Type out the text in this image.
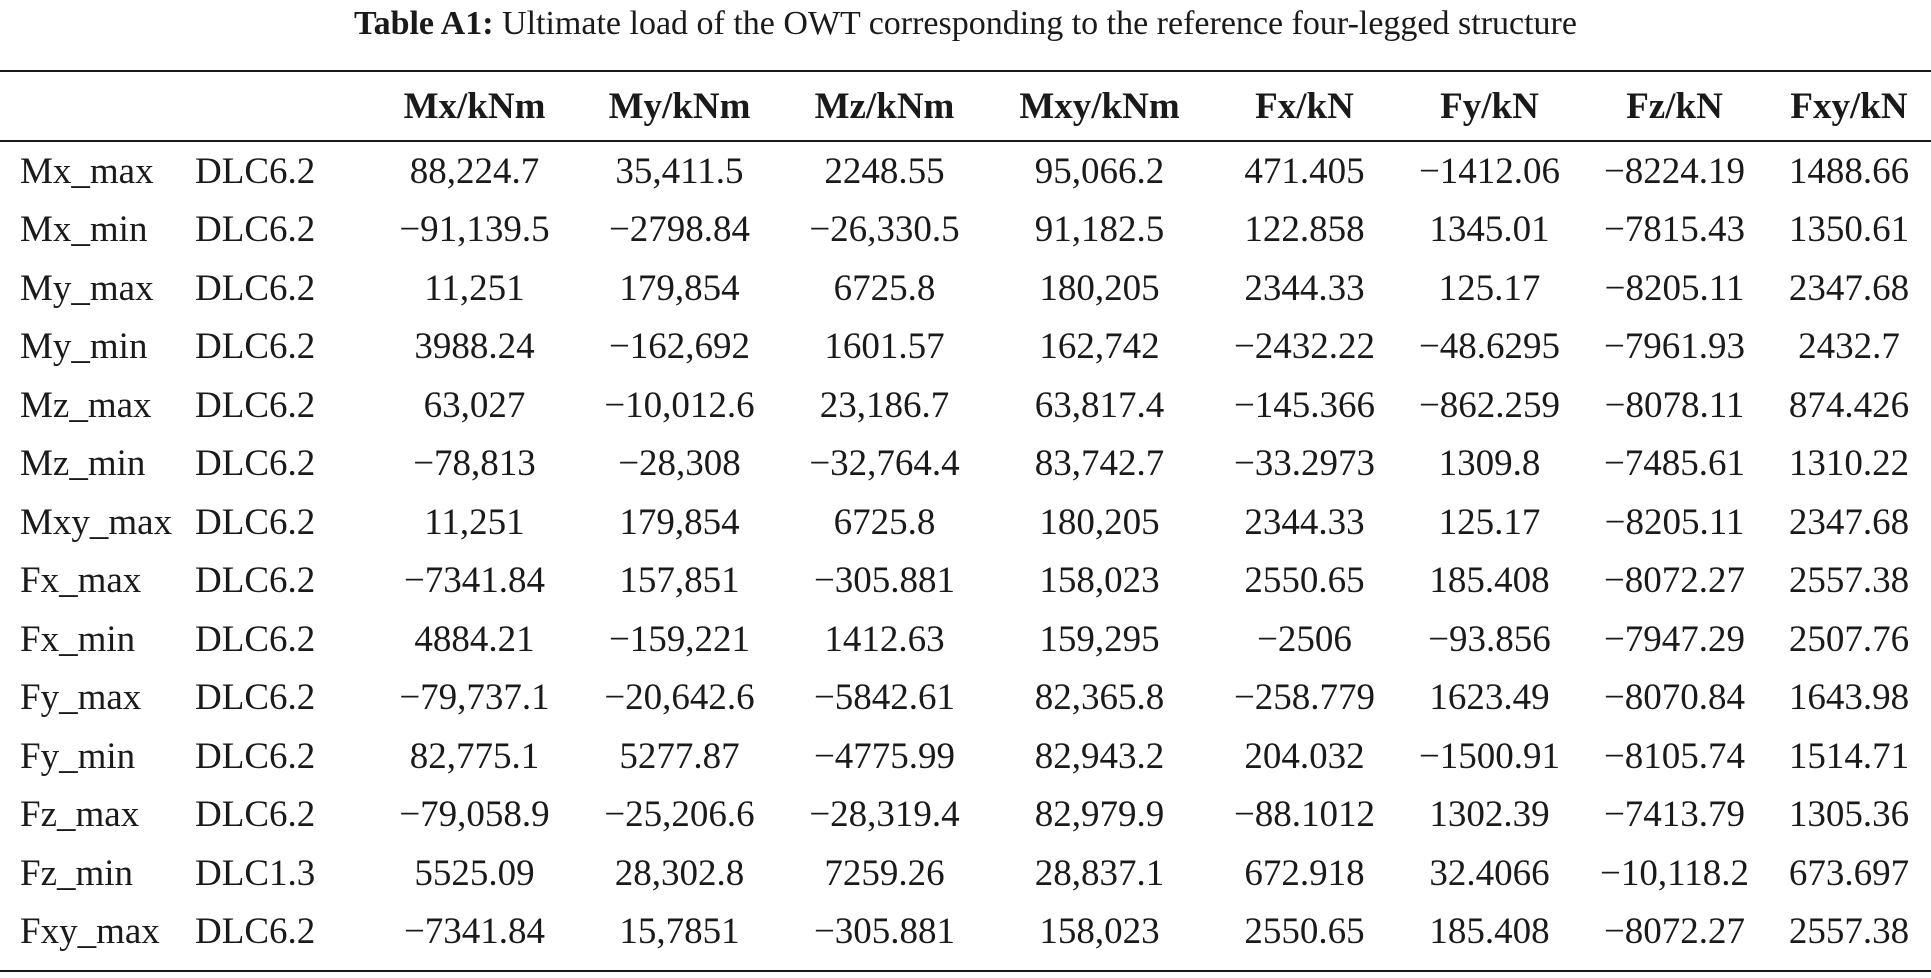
Table A1: Ultimate load of the OWT corresponding to the reference four-legged structure
		Mx/kNm	My/kNm	Mz/kNm	Mxy/kNm	Fx/kN	Fy/kN	Fz/kN	Fxy/kN
Mx_max	DLC6.2	88,224.7	35,411.5	2248.55	95,066.2	471.405	−1412.06	−8224.19	1488.66
Mx_min	DLC6.2	−91,139.5	−2798.84	−26,330.5	91,182.5	122.858	1345.01	−7815.43	1350.61
My_max	DLC6.2	11,251	179,854	6725.8	180,205	2344.33	125.17	−8205.11	2347.68
My_min	DLC6.2	3988.24	−162,692	1601.57	162,742	−2432.22	−48.6295	−7961.93	2432.7
Mz_max	DLC6.2	63,027	−10,012.6	23,186.7	63,817.4	−145.366	−862.259	−8078.11	874.426
Mz_min	DLC6.2	−78,813	−28,308	−32,764.4	83,742.7	−33.2973	1309.8	−7485.61	1310.22
Mxy_max	DLC6.2	11,251	179,854	6725.8	180,205	2344.33	125.17	−8205.11	2347.68
Fx_max	DLC6.2	−7341.84	157,851	−305.881	158,023	2550.65	185.408	−8072.27	2557.38
Fx_min	DLC6.2	4884.21	−159,221	1412.63	159,295	−2506	−93.856	−7947.29	2507.76
Fy_max	DLC6.2	−79,737.1	−20,642.6	−5842.61	82,365.8	−258.779	1623.49	−8070.84	1643.98
Fy_min	DLC6.2	82,775.1	5277.87	−4775.99	82,943.2	204.032	−1500.91	−8105.74	1514.71
Fz_max	DLC6.2	−79,058.9	−25,206.6	−28,319.4	82,979.9	−88.1012	1302.39	−7413.79	1305.36
Fz_min	DLC1.3	5525.09	28,302.8	7259.26	28,837.1	672.918	32.4066	−10,118.2	673.697
Fxy_max	DLC6.2	−7341.84	15,7851	−305.881	158,023	2550.65	185.408	−8072.27	2557.38
